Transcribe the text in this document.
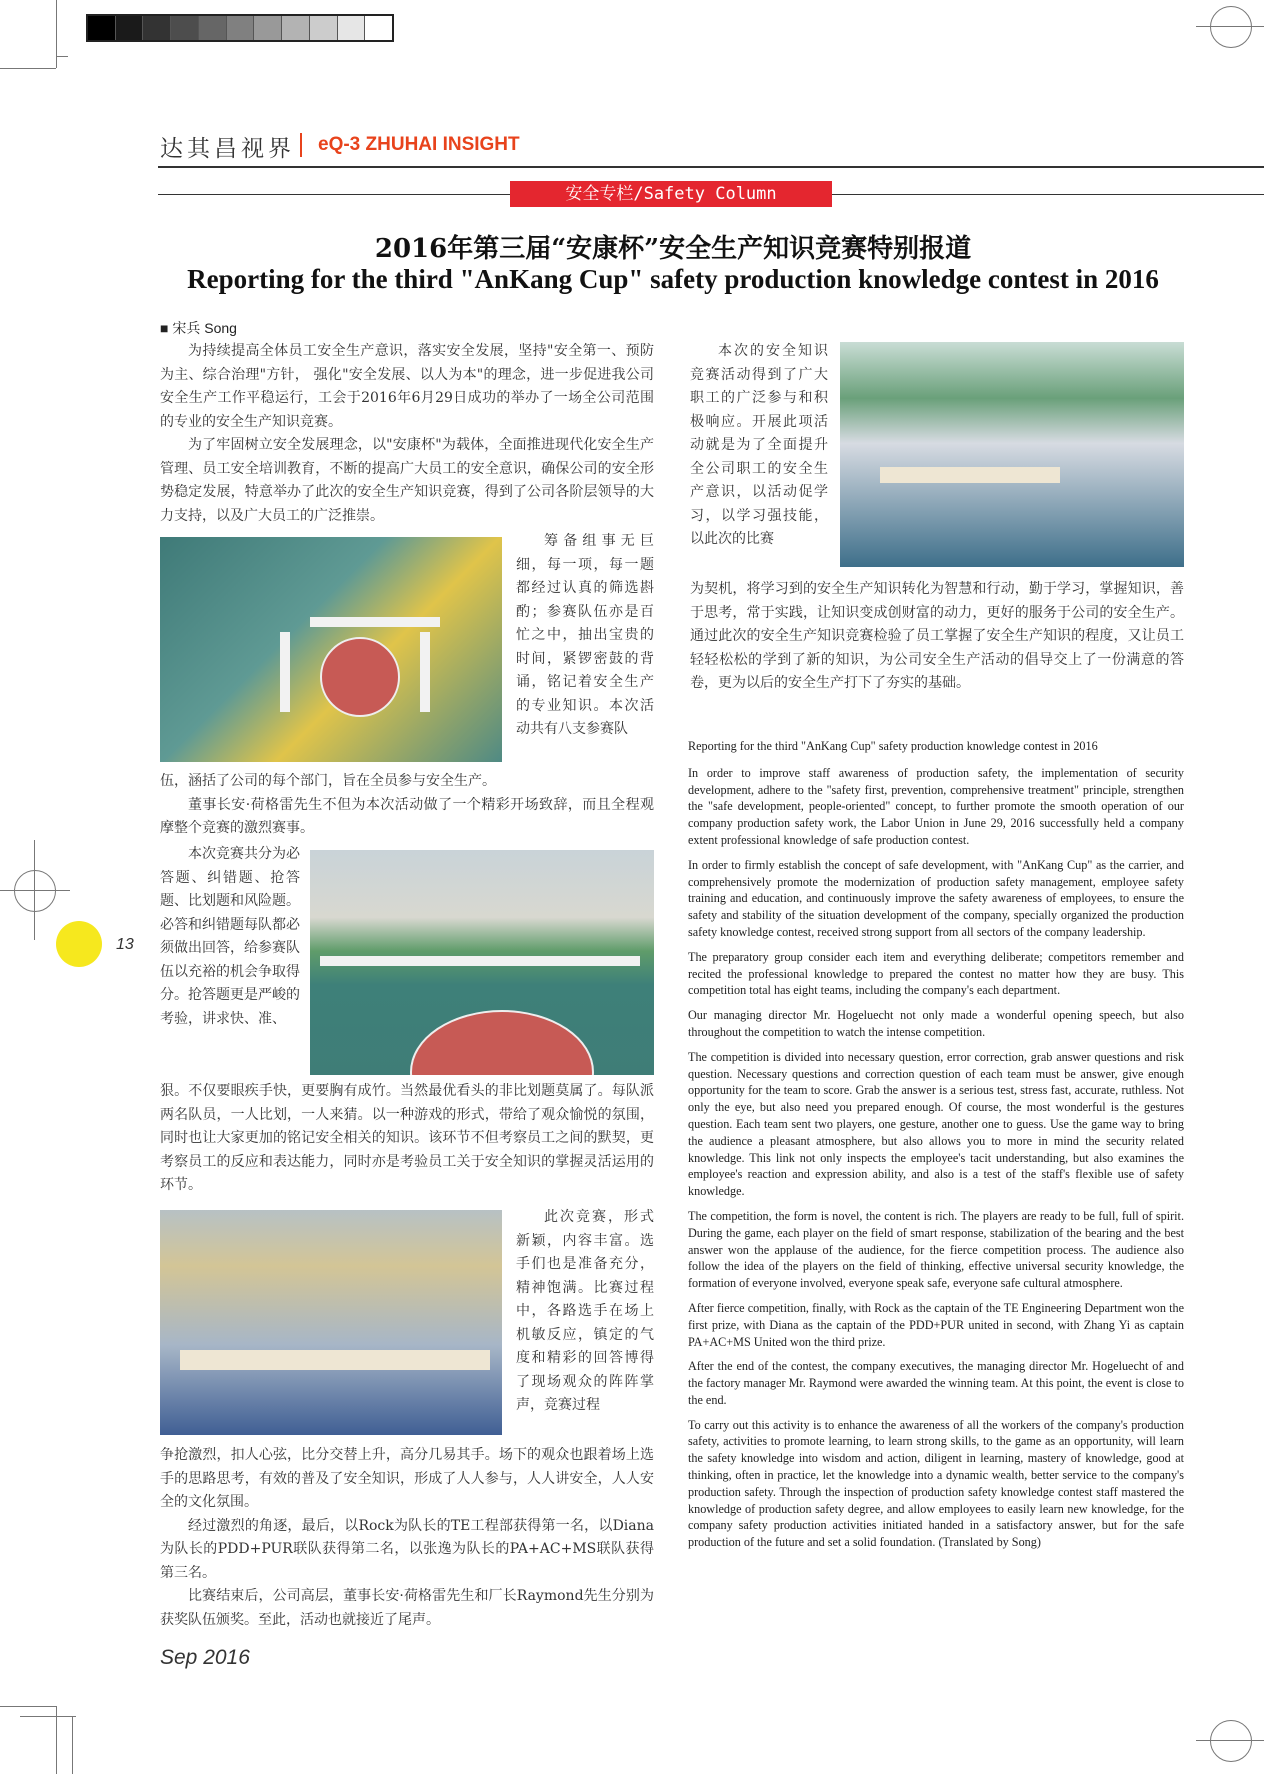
达其昌视界 eQ-3 ZHUHAI INSIGHT
安全专栏/Safety Column
2016年第三届“安康杯”安全生产知识竞赛特别报道
Reporting for the third "AnKang Cup" safety production knowledge contest in 2016
■ 宋兵 Song

为持续提高全体员工安全生产意识，落实安全发展，坚持"安全第一、预防为主、综合治理"方针， 强化"安全发展、以人为本"的理念，进一步促进我公司安全生产工作平稳运行，工会于2016年6月29日成功的举办了一场全公司范围的专业的安全生产知识竞赛。

为了牢固树立安全发展理念，以"安康杯"为载体，全面推进现代化安全生产管理、员工安全培训教育，不断的提高广大员工的安全意识，确保公司的安全形势稳定发展，特意举办了此次的安全生产知识竞赛，得到了公司各阶层领导的大力支持，以及广大员工的广泛推崇。

筹备组事无巨细，每一项，每一题都经过认真的筛选斟酌；参赛队伍亦是百忙之中，抽出宝贵的时间，紧锣密鼓的背诵，铭记着安全生产的专业知识。本次活动共有八支参赛队

伍，涵括了公司的每个部门，旨在全员参与安全生产。

董事长安·荷格雷先生不但为本次活动做了一个精彩开场致辞，而且全程观摩整个竞赛的激烈赛事。

本次竞赛共分为必答题、纠错题、抢答题、比划题和风险题。必答和纠错题每队都必须做出回答，给参赛队伍以充裕的机会争取得分。抢答题更是严峻的考验，讲求快、准、

狠。不仅要眼疾手快，更要胸有成竹。当然最优看头的非比划题莫属了。每队派两名队员，一人比划，一人来猜。以一种游戏的形式，带给了观众愉悦的氛围，同时也让大家更加的铭记安全相关的知识。该环节不但考察员工之间的默契，更考察员工的反应和表达能力，同时亦是考验员工关于安全知识的掌握灵活运用的环节。

此次竞赛，形式新颖，内容丰富。选手们也是准备充分，精神饱满。比赛过程中，各路选手在场上机敏反应，镇定的气度和精彩的回答博得了现场观众的阵阵掌声，竞赛过程

争抢激烈，扣人心弦，比分交替上升，高分几易其手。场下的观众也跟着场上选手的思路思考，有效的普及了安全知识，形成了人人参与，人人讲安全，人人安全的文化氛围。

经过激烈的角逐，最后，以Rock为队长的TE工程部获得第一名，以Diana为队长的PDD+PUR联队获得第二名，以张逸为队长的PA+AC+MS联队获得第三名。

比赛结束后，公司高层，董事长安·荷格雷先生和厂长Raymond先生分别为获奖队伍颁奖。至此，活动也就接近了尾声。

本次的安全知识竞赛活动得到了广大职工的广泛参与和积极响应。开展此项活动就是为了全面提升全公司职工的安全生产意识，以活动促学习，以学习强技能，以此次的比赛

为契机，将学习到的安全生产知识转化为智慧和行动，勤于学习，掌握知识，善于思考，常于实践，让知识变成创财富的动力，更好的服务于公司的安全生产。通过此次的安全生产知识竞赛检验了员工掌握了安全生产知识的程度，又让员工轻轻松松的学到了新的知识，为公司安全生产活动的倡导交上了一份满意的答卷，更为以后的安全生产打下了夯实的基础。

Reporting for the third "AnKang Cup" safety production knowledge contest in 2016

In order to improve staff awareness of production safety, the implementation of security development, adhere to the "safety first, prevention, comprehensive treatment" principle, strengthen the "safe development, people-oriented" concept, to further promote the smooth operation of our company production safety work, the Labor Union in June 29, 2016 successfully held a company extent professional knowledge of safe production contest.

In order to firmly establish the concept of safe development, with "AnKang Cup" as the carrier, and comprehensively promote the modernization of production safety management, employee safety training and education, and continuously improve the safety awareness of employees, to ensure the safety and stability of the situation development of the company, specially organized the production safety knowledge contest, received strong support from all sectors of the company leadership.

The preparatory group consider each item and everything deliberate; competitors remember and recited the professional knowledge to prepared the contest no matter how they are busy. This competition total has eight teams, including the company's each department.

Our managing director Mr. Hogeluecht not only made a wonderful opening speech, but also throughout the competition to watch the intense competition.

The competition is divided into necessary question, error correction, grab answer questions and risk question. Necessary questions and correction question of each team must be answer, give enough opportunity for the team to score. Grab the answer is a serious test, stress fast, accurate, ruthless. Not only the eye, but also need you prepared enough. Of course, the most wonderful is the gestures question. Each team sent two players, one gesture, another one to guess. Use the game way to bring the audience a pleasant atmosphere, but also allows you to more in mind the security related knowledge. This link not only inspects the employee's tacit understanding, but also examines the employee's reaction and expression ability, and also is a test of the staff's flexible use of safety knowledge.

The competition, the form is novel, the content is rich. The players are ready to be full, full of spirit. During the game, each player on the field of smart response, stabilization of the bearing and the best answer won the applause of the audience, for the fierce competition process. The audience also follow the idea of the players on the field of thinking, effective universal security knowledge, the formation of everyone involved, everyone speak safe, everyone safe cultural atmosphere.

After fierce competition, finally, with Rock as the captain of the TE Engineering Department won the first prize, with Diana as the captain of the PDD+PUR united in second, with Zhang Yi as captain PA+AC+MS United won the third prize.

After the end of the contest, the company executives, the managing director Mr. Hogeluecht of and the factory manager Mr. Raymond were awarded the winning team. At this point, the event is close to the end.

To carry out this activity is to enhance the awareness of all the workers of the company's production safety, activities to promote learning, to learn strong skills, to the game as an opportunity, will learn the safety knowledge into wisdom and action, diligent in learning, mastery of knowledge, good at thinking, often in practice, let the knowledge into a dynamic wealth, better service to the company's production safety. Through the inspection of production safety knowledge contest staff mastered the knowledge of production safety degree, and allow employees to easily learn new knowledge, for the company safety production activities initiated handed in a satisfactory answer, but for the safe production of the future and set a solid foundation. (Translated by Song)

13
Sep 2016
